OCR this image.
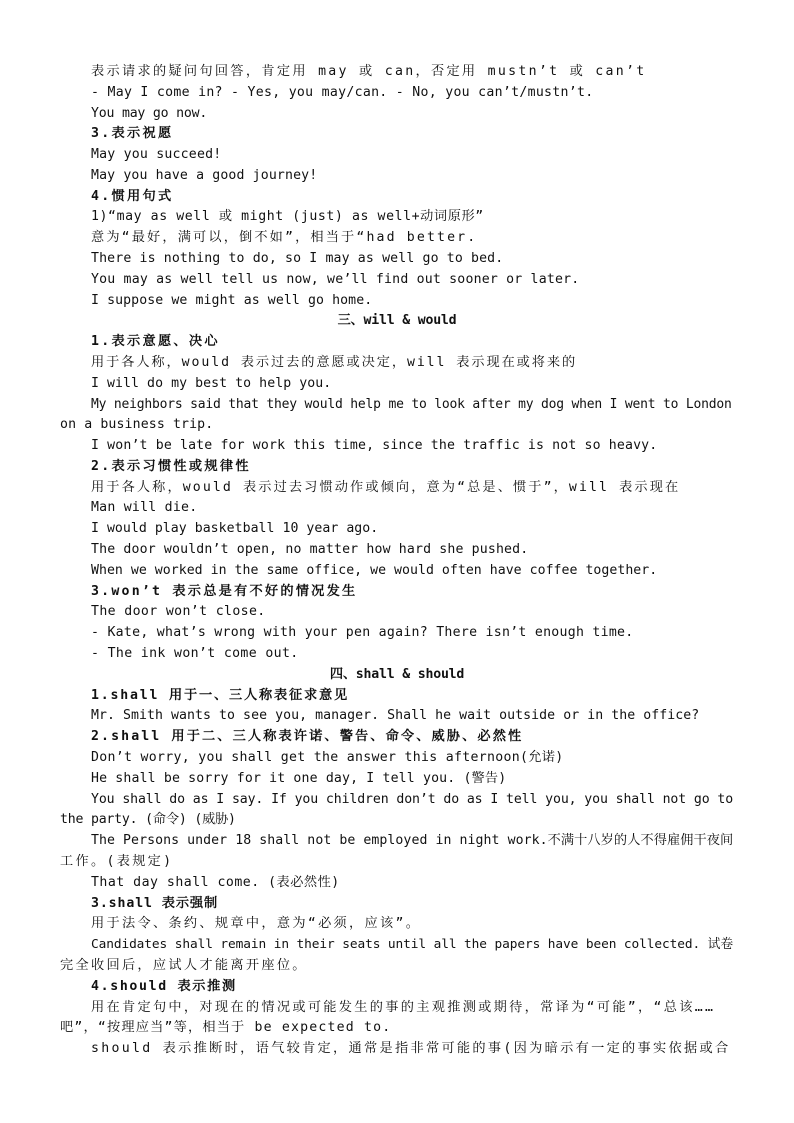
表示请求的疑问句回答，肯定用 may 或 can，否定用 mustn’t 或 can’t
- May I come in? - Yes, you may/can. - No, you can’t/mustn’t.
You may go now.
3.表示祝愿
May you succeed!
May you have a good journey!
4.惯用句式
1)“may as well 或 might (just) as well+动词原形”
意为“最好，满可以，倒不如”，相当于“had better.
There is nothing to do, so I may as well go to bed.
You may as well tell us now, we’ll find out sooner or later.
I suppose we might as well go home.
三、will & would
1.表示意愿、决心
用于各人称，would 表示过去的意愿或决定，will 表示现在或将来的
I will do my best to help you.
My neighbors said that they would help me to look after my dog when I went to London
on a business trip.
I won’t be late for work this time, since the traffic is not so heavy.
2.表示习惯性或规律性
用于各人称，would 表示过去习惯动作或倾向，意为“总是、惯于”，will 表示现在
Man will die.
I would play basketball 10 year ago.
The door wouldn’t open, no matter how hard she pushed.
When we worked in the same office, we would often have coffee together.
3.won’t 表示总是有不好的情况发生
The door won’t close.
- Kate, what’s wrong with your pen again? There isn’t enough time.
- The ink won’t come out.
四、shall & should
1.shall 用于一、三人称表征求意见
Mr. Smith wants to see you, manager. Shall he wait outside or in the office?
2.shall 用于二、三人称表许诺、警告、命令、威胁、必然性
Don’t worry, you shall get the answer this afternoon(允诺)
He shall be sorry for it one day, I tell you. (警告)
You shall do as I say. If you children don’t do as I tell you, you shall not go to
the party. (命令) (威胁)
The Persons under 18 shall not be employed in night work.不满十八岁的人不得雇佣干夜间
工作。(表规定)
That day shall come. (表必然性)
3.shall 表示强制
用于法令、条约、规章中，意为“必须，应该”。
Candidates shall remain in their seats until all the papers have been collected. 试卷
完全收回后，应试人才能离开座位。
4.should 表示推测
用在肯定句中，对现在的情况或可能发生的事的主观推测或期待，常译为“可能”，“总该……
吧”，“按理应当”等，相当于 be expected to.
should 表示推断时，语气较肯定，通常是指非常可能的事(因为暗示有一定的事实依据或合
